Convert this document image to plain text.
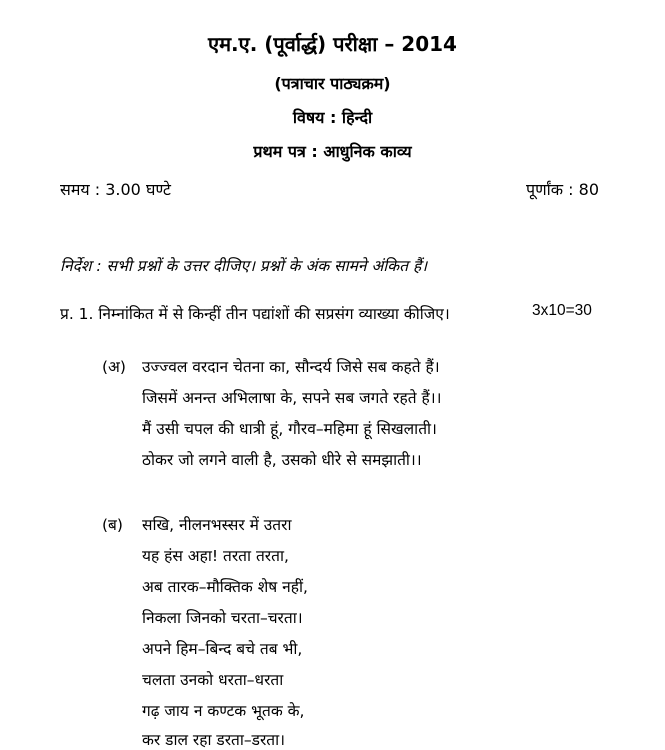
एम.ए. (पूर्वार्द्ध) परीक्षा – 2014
(पत्राचार पाठ्यक्रम)
विषय : हिन्दी
प्रथम पत्र : आधुनिक काव्य
समय : 3.00 घण्टे	पूर्णांक : 80
निर्देश : सभी प्रश्नों के उत्तर दीजिए। प्रश्नों के अंक सामने अंकित हैं।
प्र. 1. निम्नांकित में से किन्हीं तीन पद्यांशों की सप्रसंग व्याख्या कीजिए।	3x10=30
(अ) उज्ज्वल वरदान चेतना का, सौन्दर्य जिसे सब कहते हैं।
जिसमें अनन्त अभिलाषा के, सपने सब जगते रहते हैं।।
मैं उसी चपल की धात्री हूं, गौरव–महिमा हूं सिखलाती।
ठोकर जो लगने वाली है, उसको धीरे से समझाती।।
(ब) सखि, नीलनभस्सर में उतरा
यह हंस अहा! तरता तरता,
अब तारक–मौक्तिक शेष नहीं,
निकला जिनको चरता–चरता।
अपने हिम–बिन्द बचे तब भी,
चलता उनको धरता–धरता
गढ़ जाय न कण्टक भूतक के,
कर डाल रहा डरता–डरता।
